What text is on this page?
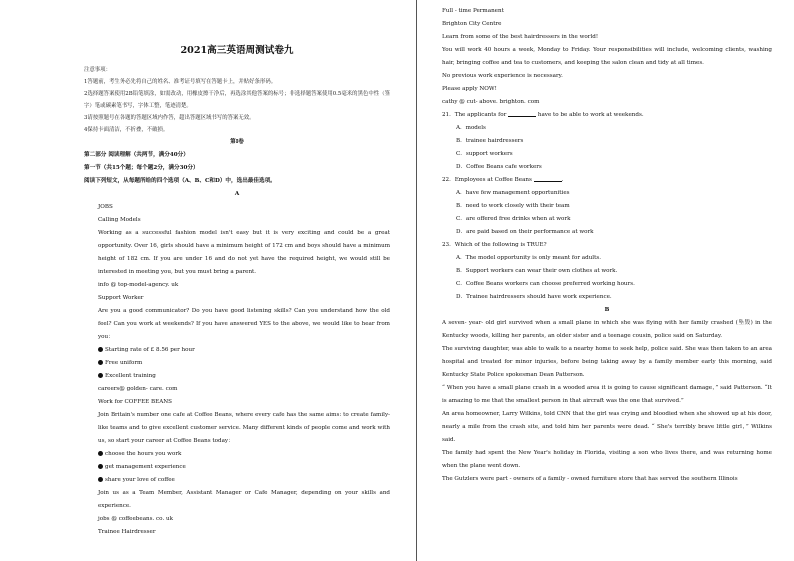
2021高三英语周测试卷九

注意事项：

1答题前，考生务必先将自己的姓名、准考证号填写在答题卡上，并贴好条形码。

2选择题答案使用2B铅笔填涂，如需改动，用橡皮擦干净后，再选涂其他答案的标号；非选择题答案使用0.5毫米的黑色中性（签字）笔或碳素笔书写，字体工整，笔迹清楚。

3请按照题号在各题的答题区域内作答，超出答题区域书写的答案无效。

4保持卡面清洁，不折叠，不破损。

第Ⅰ卷

第二部分 阅读理解（共两节，满分40分）

第一节（共15个题；每个题2分，满分30分）

阅读下列短文，从每题所给的四个选项（A、B、C和D）中，选出最佳选项。

A

JOBS

Calling Models

Working as a successful fashion model isn't easy but it is very exciting and could be a great opportunity. Over 16, girls should have a minimum height of 172 cm and boys should have a minimum height of 182 cm. If you are under 16 and do not yet have the required height, we would still be interested in meeting you, but you must bring a parent.

info @ top-model-agency. uk

Support Worker

Are you a good communicator? Do you have good listening skills? Can you understand how the old feel? Can you work at weekends? If you have answered YES to the above, we would like to hear from you：

Starting rate of £ 8.56 per hour

Free uniform

Excellent training

careers@ golden- care. com

Work for COFFEE BEANS

Join Britain's number one cafe at Coffee Beans, where every cafe has the same aims: to create family-like teams and to give excellent customer service. Many different kinds of people come and work with us, so start your career at Coffee Beans today：

choose the hours you work

get management experience

share your love of coffee

Join us as a Team Member, Assistant Manager or Cafe Manager, depending on your skills and experience.

jobs @ coffeebeans. co. uk

Trainee Hairdresser

Full - time Permanent

Brighton City Centre

Learn from some of the best hairdressers in the world!

You will work 40 hours a week, Monday to Friday. Your responsibilities will include, welcoming clients, washing hair, bringing coffee and tea to customers, and keeping the salon clean and tidy at all times.

No previous work experience is necessary.

Please apply NOW!

cathy @ cut- above. brighton. com

21．The applicants for	have to be able to work at weekends.

A．models

B．trainee hairdressers

C．support workers

D．Coffee Beans cafe workers

22．Employees at Coffee Beans	.

A．have few management opportunities

B．need to work closely with their team

C．are offered free drinks when at work

D．are paid based on their performance at work

23．Which of the following is TRUE?

A．The model opportunity is only meant for adults.

B．Support workers can wear their own clothes at work.

C．Coffee Beans workers can choose preferred working hours.

D．Trainee hairdressers should have work experience.

B

A seven- year- old girl survived when a small plane in which she was flying with her family crashed (坠毁) in the Kentucky woods, killing her parents, an older sister and a teenage cousin, police said on Saturday.

The surviving daughter, was able to walk to a nearby home to seek help, police said. She was then taken to an area hospital and treated for minor injuries, before being taking away by a family member early this morning, said Kentucky State Police spokesman Dean Patterson.

“ When you have a small plane crash in a wooded area it is going to cause significant damage，” said Patterson. “It is amazing to me that the smallest person in that aircraft was the one that survived.”

An area homeowner, Larry Wilkins, told CNN that the girl was crying and bloodied when she showed up at his door, nearly a mile from the crash site, and told him her parents were dead. “ She's terribly brave little girl，” Wilkins said.

The family had spent the New Year's holiday in Florida, visiting a son who lives there, and was returning home when the plane went down.

The Gutzlers were part - owners of a family - owned furniture store that has served the southern Illinois
